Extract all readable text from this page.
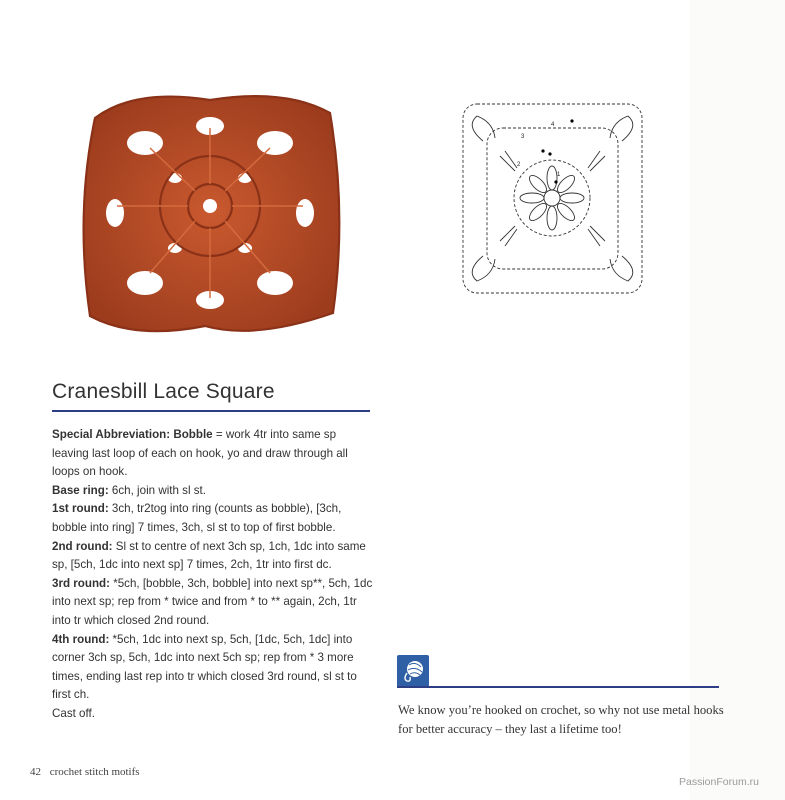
1
2
3
4
Cranesbill Lace Square

Special Abbreviation: Bobble = work 4tr into same sp leaving last loop of each on hook, yo and draw through all loops on hook.

Base ring: 6ch, join with sl st.

1st round: 3ch, tr2tog into ring (counts as bobble), [3ch, bobble into ring] 7 times, 3ch, sl st to top of first bobble.

2nd round: Sl st to centre of next 3ch sp, 1ch, 1dc into same sp, [5ch, 1dc into next sp] 7 times, 2ch, 1tr into first dc.

3rd round: *5ch, [bobble, 3ch, bobble] into next sp**, 5ch, 1dc into next sp; rep from * twice and from * to ** again, 2ch, 1tr into tr which closed 2nd round.

4th round: *5ch, 1dc into next sp, 5ch, [1dc, 5ch, 1dc] into corner 3ch sp, 5ch, 1dc into next 5ch sp; rep from * 3 more times, ending last rep into tr which closed 3rd round, sl st to first ch.

Cast off.	We know you’re hooked on crochet, so why not use metal hooks for better accuracy – they last a lifetime too!
42 crochet stitch motifs
PassionForum.ru
